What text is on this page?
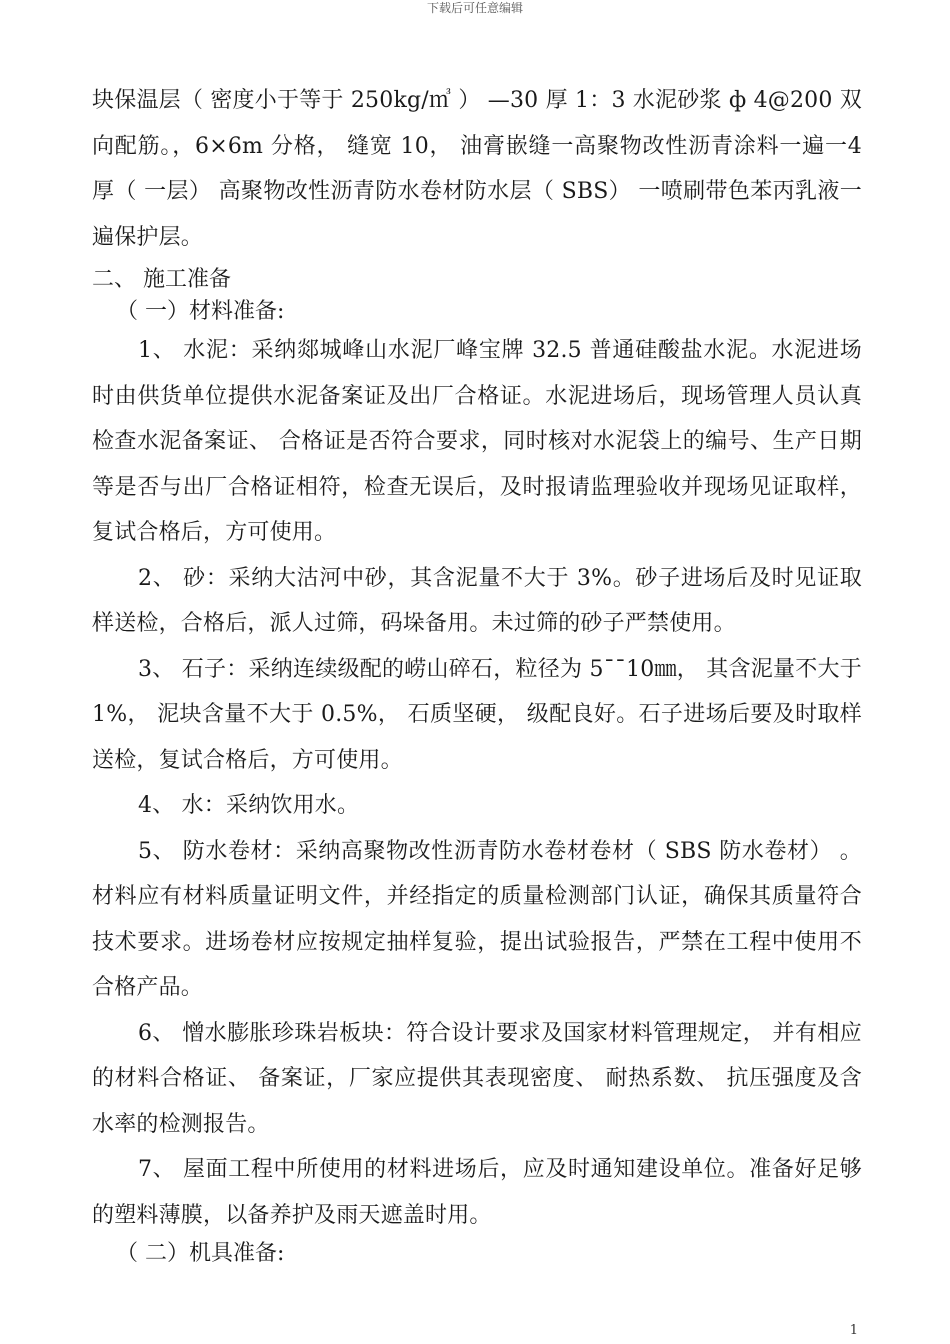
下载后可任意编辑

块保温层（ 密度小于等于 250kg/㎥ ） —30 厚 1：3 水泥砂浆 ф 4@200 双向配筋。，6×6m 分格， 缝宽 10， 油膏嵌缝一高聚物改性沥青涂料一遍一4 厚（ 一层） 高聚物改性沥青防水卷材防水层（ SBS） 一喷刷带色苯丙乳液一遍保护层。

二、 施工准备

（ 一）材料准备:

1、 水泥：采纳郯城峰山水泥厂峰宝牌 32.5 普通硅酸盐水泥。水泥进场时由供货单位提供水泥备案证及出厂合格证。水泥进场后，现场管理人员认真检查水泥备案证、 合格证是否符合要求，同时核对水泥袋上的编号、生产日期等是否与出厂合格证相符，检查无误后，及时报请监理验收并现场见证取样，复试合格后，方可使用。

2、 砂：采纳大沽河中砂，其含泥量不大于 3%。砂子进场后及时见证取样送检，合格后，派人过筛，码垛备用。未过筛的砂子严禁使用。

3、 石子：采纳连续级配的崂山碎石，粒径为 5¯¯10㎜， 其含泥量不大于 1%， 泥块含量不大于 0.5%， 石质坚硬， 级配良好。石子进场后要及时取样送检，复试合格后，方可使用。

4、 水：采纳饮用水。

5、 防水卷材：采纳高聚物改性沥青防水卷材卷材（ SBS 防水卷材） 。材料应有材料质量证明文件，并经指定的质量检测部门认证，确保其质量符合技术要求。进场卷材应按规定抽样复验，提出试验报告，严禁在工程中使用不合格产品。

6、 憎水膨胀珍珠岩板块：符合设计要求及国家材料管理规定， 并有相应的材料合格证、 备案证，厂家应提供其表现密度、 耐热系数、 抗压强度及含水率的检测报告。

7、 屋面工程中所使用的材料进场后，应及时通知建设单位。准备好足够的塑料薄膜，以备养护及雨天遮盖时用。

（ 二）机具准备:

1
